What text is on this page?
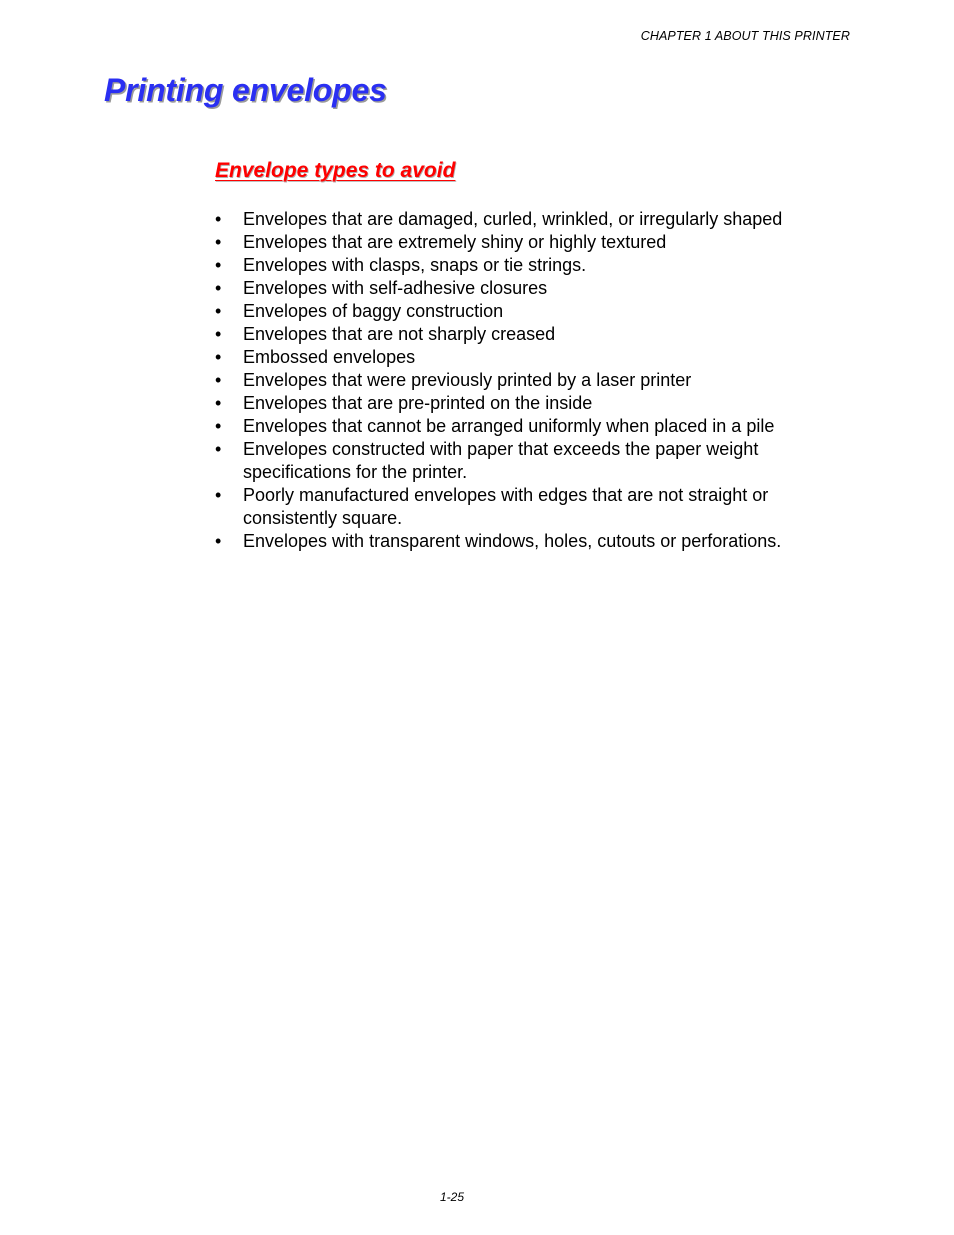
CHAPTER 1 ABOUT THIS PRINTER
Printing envelopes
Envelope types to avoid
•	Envelopes that are damaged, curled, wrinkled, or irregularly shaped
•	Envelopes that are extremely shiny or highly textured
•	Envelopes with clasps, snaps or tie strings.
•	Envelopes with self-adhesive closures
•	Envelopes of baggy construction
•	Envelopes that are not sharply creased
•	Embossed envelopes
•	Envelopes that were previously printed by a laser printer
•	Envelopes that are pre-printed on the inside
•	Envelopes that cannot be arranged uniformly when placed in a pile
•	Envelopes constructed with paper that exceeds the paper weight specifications for the printer.
•	Poorly manufactured envelopes with edges that are not straight or consistently square.
•	Envelopes with transparent windows, holes, cutouts or perforations.
1-25
